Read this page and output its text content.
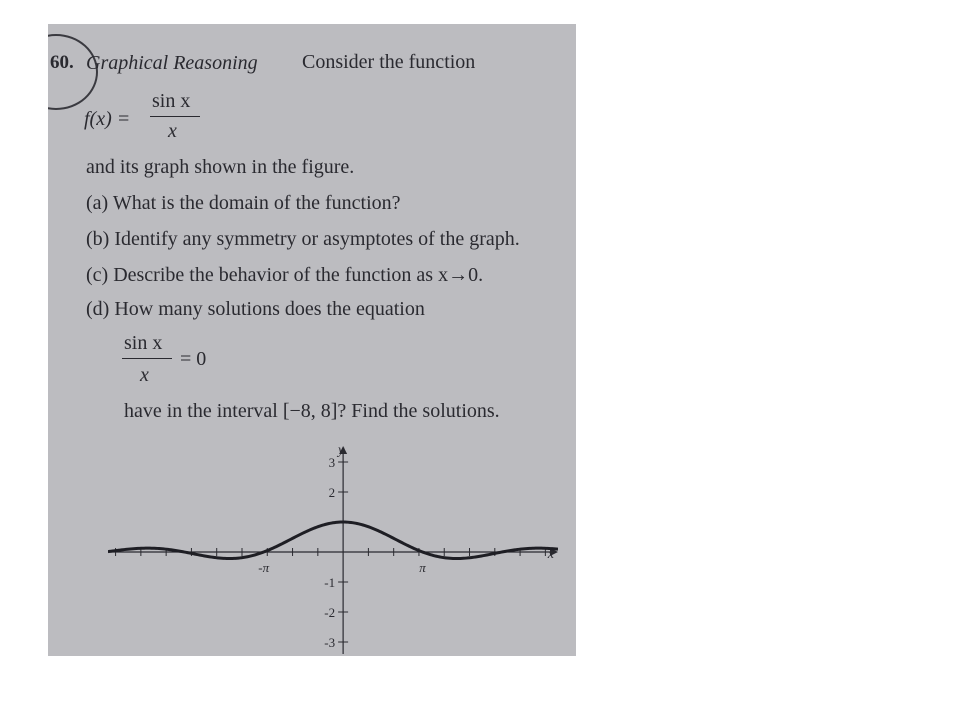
60. Graphical Reasoning Consider the function
f(x) =
sin x
x
and its graph shown in the figure.
(a) What is the domain of the function?
(b) Identify any symmetry or asymptotes of the graph.
(c) Describe the behavior of the function as x→0.
(d) How many solutions does the equation
sin x
x
= 0
have in the interval [−8, 8]? Find the solutions.
x
y
-π	π
3
2
-1
-2
-3
